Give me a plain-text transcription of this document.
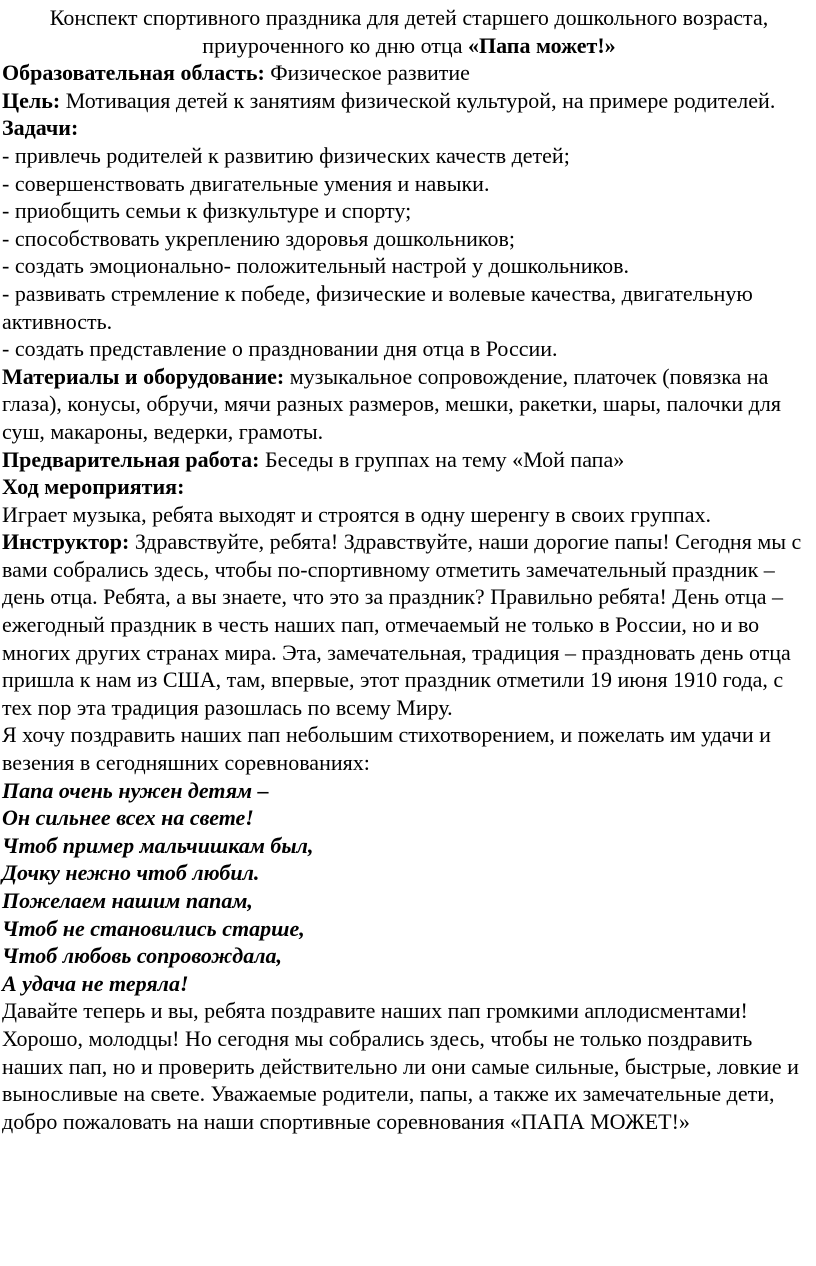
Конспект спортивного праздника для детей старшего дошкольного возраста,

приуроченного ко дню отца «Папа может!»

Образовательная область: Физическое развитие

Цель: Мотивация детей к занятиям физической культурой, на примере родителей.

Задачи:

- привлечь родителей к развитию физических качеств детей;

- совершенствовать двигательные умения и навыки.

- приобщить семьи к физкультуре и спорту;

- способствовать укреплению здоровья дошкольников;

- создать эмоционально- положительный настрой у дошкольников.

- развивать стремление к победе, физические и волевые качества, двигательную активность.

- создать представление о праздновании дня отца в России.

Материалы и оборудование: музыкальное сопровождение, платочек (повязка на глаза), конусы, обручи, мячи разных размеров, мешки, ракетки, шары, палочки для суш, макароны, ведерки, грамоты.

Предварительная работа: Беседы в группах на тему «Мой папа»

Ход мероприятия:

Играет музыка, ребята выходят и строятся в одну шеренгу в своих группах.

Инструктор: Здравствуйте, ребята! Здравствуйте, наши дорогие папы! Сегодня мы с вами собрались здесь, чтобы по-спортивному отметить замечательный праздник – день отца. Ребята, а вы знаете, что это за праздник? Правильно ребята! День отца – ежегодный праздник в честь наших пап, отмечаемый не только в России, но и во многих других странах мира. Эта, замечательная, традиция – праздновать день отца пришла к нам из США, там, впервые, этот праздник отметили 19 июня 1910 года, с тех пор эта традиция разошлась по всему Миру.

Я хочу поздравить наших пап небольшим стихотворением, и пожелать им удачи и везения в сегодняшних соревнованиях:

Папа очень нужен детям –

Он сильнее всех на свете!

Чтоб пример мальчишкам был,

Дочку нежно чтоб любил.

Пожелаем нашим папам,

Чтоб не становились старше,

Чтоб любовь сопровождала,

А удача не теряла!

Давайте теперь и вы, ребята поздравите наших пап громкими аплодисментами!

Хорошо, молодцы! Но сегодня мы собрались здесь, чтобы не только поздравить наших пап, но и проверить действительно ли они самые сильные, быстрые, ловкие и выносливые на свете. Уважаемые родители, папы, а также их замечательные дети, добро пожаловать на наши спортивные соревнования «ПАПА МОЖЕТ!»
